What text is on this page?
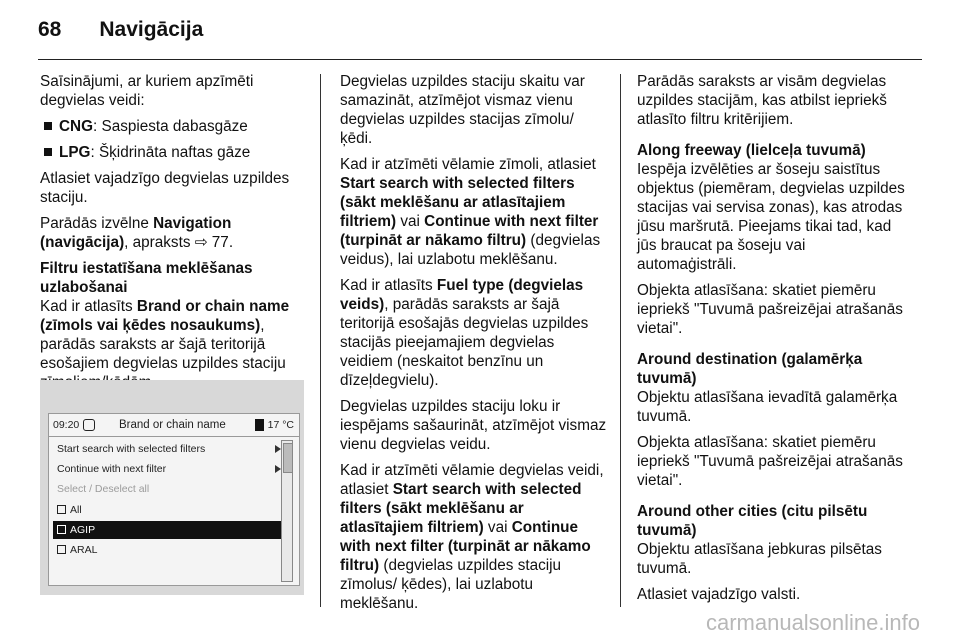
68 Navigācija

Saīsinājumi, ar kuriem apzīmēti degvielas veidi:

CNG: Saspiesta dabasgāze

LPG: Šķidrināta naftas gāze

Atlasiet vajadzīgo degvielas uzpildes staciju.

Parādās izvēlne Navigation (navigācija), apraksts ⇨ 77.

Filtru iestatīšana meklēšanas uzlabošanai

Kad ir atlasīts Brand or chain name (zīmols vai ķēdes nosaukums), parādās saraksts ar šajā teritorijā esošajiem degvielas uzpildes staciju

09:20	Brand or chain name	17 °C
Start search with selected filters
Continue with next filter
Select / Deselect all
All
AGIP
ARAL

Degvielas uzpildes staciju skaitu var samazināt, atzīmējot vismaz vienu degvielas uzpildes stacijas zīmolu/ ķēdi.

Kad ir atzīmēti vēlamie zīmoli, atlasiet Start search with selected filters (sākt meklēšanu ar atlasītajiem filtriem) vai Continue with next filter (turpināt ar nākamo filtru) (degvielas veidus), lai uzlabotu meklēšanu.

Kad ir atlasīts Fuel type (degvielas veids), parādās saraksts ar šajā teritorijā esošajās degvielas uzpildes stacijās pieejamajiem degvielas veidiem (neskaitot benzīnu un dīzeļdegvielu).

Degvielas uzpildes staciju loku ir iespējams sašaurināt, atzīmējot vismaz vienu degvielas veidu.

Kad ir atzīmēti vēlamie degvielas veidi, atlasiet Start search with selected filters (sākt meklēšanu ar atlasītajiem filtriem) vai Continue with next filter (turpināt ar nākamo filtru) (degvielas uzpildes staciju zīmolus/ ķēdes), lai uzlabotu meklēšanu.

Parādās saraksts ar visām degvielas uzpildes stacijām, kas atbilst iepriekš atlasīto filtru kritērijiem.

Along freeway (lielceļa tuvumā)

Iespēja izvēlēties ar šoseju saistītus objektus (piemēram, degvielas uzpildes stacijas vai servisa zonas), kas atrodas jūsu maršrutā. Pieejams tikai tad, kad jūs braucat pa šoseju vai automaģistrāli.

Objekta atlasīšana: skatiet piemēru iepriekš "Tuvumā pašreizējai atrašanās vietai".

Around destination (galamērķa tuvumā)

Objektu atlasīšana ievadītā galamērķa tuvumā.

Objekta atlasīšana: skatiet piemēru iepriekš "Tuvumā pašreizējai atrašanās vietai".

Around other cities (citu pilsētu tuvumā)

Objektu atlasīšana jebkuras pilsētas tuvumā.

Atlasiet vajadzīgo valsti.

carmanualsonline.info
